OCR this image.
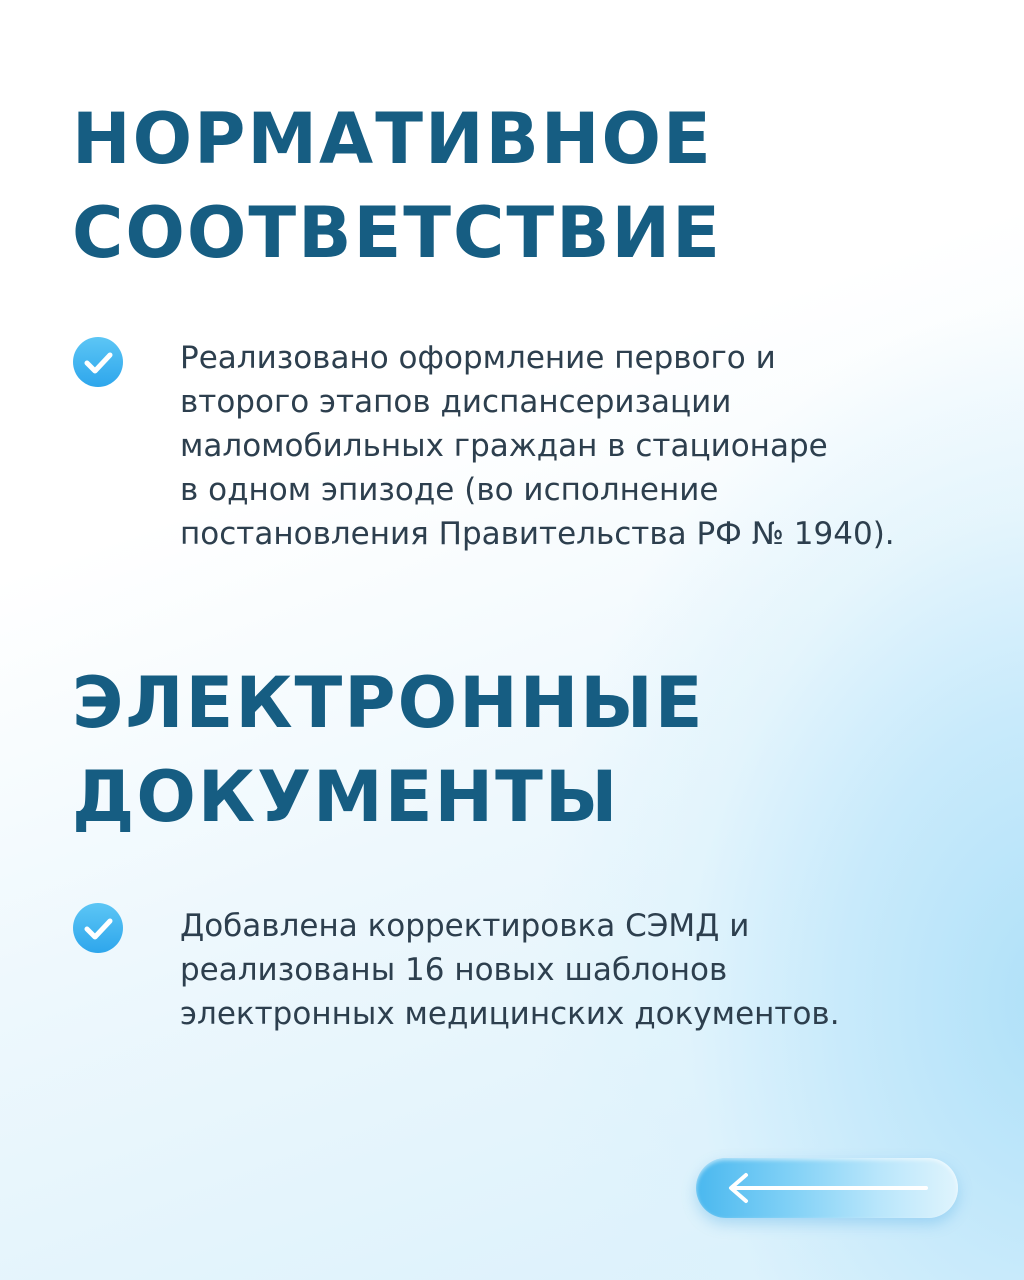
НОРМАТИВНОЕ СООТВЕТСТВИЕ

Реализовано оформление первого и
второго этапов диспансеризации
маломобильных граждан в стационаре
в одном эпизоде (во исполнение
постановления Правительства РФ № 1940).

ЭЛЕКТРОННЫЕ ДОКУМЕНТЫ

Добавлена корректировка СЭМД и
реализованы 16 новых шаблонов
электронных медицинских документов.
